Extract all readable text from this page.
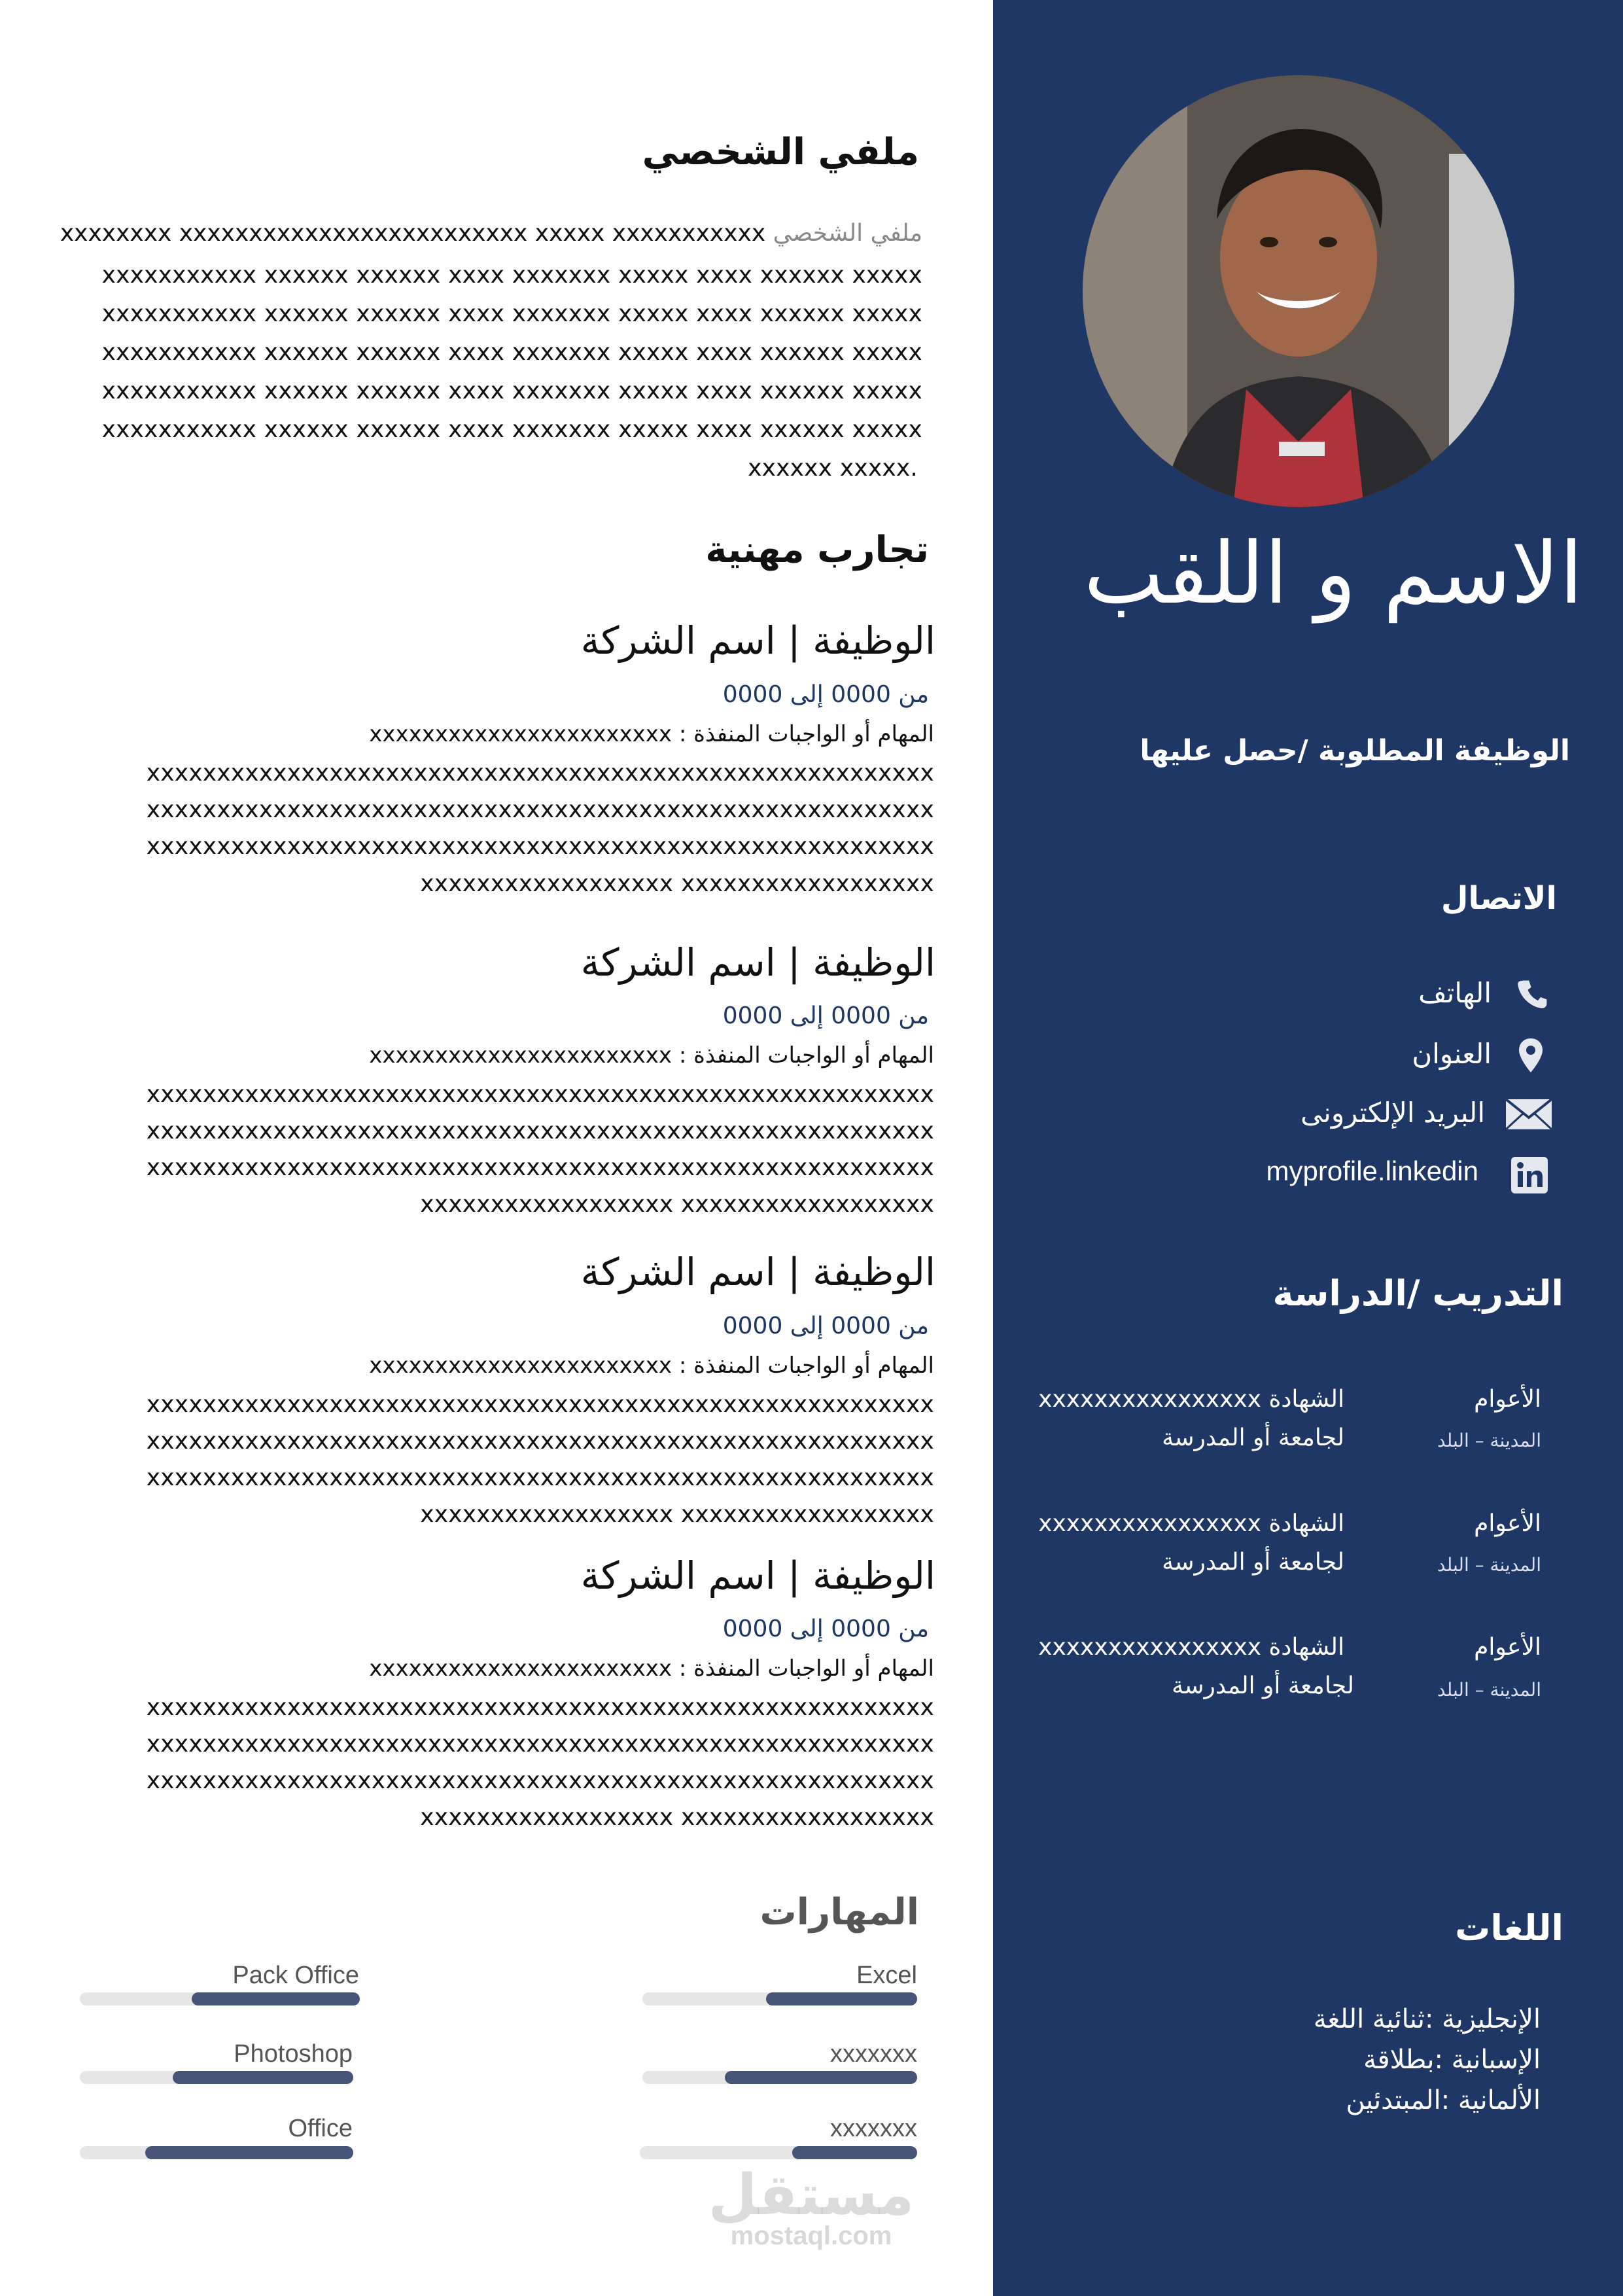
الاسم و اللقب
الوظيفة المطلوبة /حصل عليها
الاتصال
الهاتف
العنوان
البريد الإلكترونى
myprofile.linkedin
التدريب /الدراسة
الأعوام
المدينة – البلد
الشهادة xxxxxxxxxxxxxxxx
لجامعة أو المدرسة
الأعوام
المدينة – البلد
الشهادة xxxxxxxxxxxxxxxx
لجامعة أو المدرسة
الأعوام
المدينة – البلد
الشهادة xxxxxxxxxxxxxxxx
لجامعة أو المدرسة
اللغات
الإنجليزية :ثنائية اللغة
الإسبانية :بطلاقة
الألمانية :المبتدئين
ملفي الشخصي
ملفي الشخصي xxxxxxxx xxxxxxxxxxxxxxxxxxxxxxxxx xxxxx xxxxxxxxxxx
xxxxxxxxxxx xxxxxx xxxxxx xxxx xxxxxxx xxxxx xxxx xxxxxx xxxxx
xxxxxxxxxxx xxxxxx xxxxxx xxxx xxxxxxx xxxxx xxxx xxxxxx xxxxx
xxxxxxxxxxx xxxxxx xxxxxx xxxx xxxxxxx xxxxx xxxx xxxxxx xxxxx
xxxxxxxxxxx xxxxxx xxxxxx xxxx xxxxxxx xxxxx xxxx xxxxxx xxxxx
xxxxxxxxxxx xxxxxx xxxxxx xxxx xxxxxxx xxxxx xxxx xxxxxx xxxxx
xxxxxx xxxxx.
تجارب مهنية
الوظيفة | اسم الشركة
من 0000 إلى 0000
المهام أو الواجبات المنفذة : xxxxxxxxxxxxxxxxxxxxxxx
xxxxxxxxxxxxxxxxxxxxxxxxxxxxxxxxxxxxxxxxxxxxxxxxxxxxxxxx
xxxxxxxxxxxxxxxxxxxxxxxxxxxxxxxxxxxxxxxxxxxxxxxxxxxxxxxx
xxxxxxxxxxxxxxxxxxxxxxxxxxxxxxxxxxxxxxxxxxxxxxxxxxxxxxxx
xxxxxxxxxxxxxxxxxx xxxxxxxxxxxxxxxxxx
الوظيفة | اسم الشركة
من 0000 إلى 0000
المهام أو الواجبات المنفذة : xxxxxxxxxxxxxxxxxxxxxxx
xxxxxxxxxxxxxxxxxxxxxxxxxxxxxxxxxxxxxxxxxxxxxxxxxxxxxxxx
xxxxxxxxxxxxxxxxxxxxxxxxxxxxxxxxxxxxxxxxxxxxxxxxxxxxxxxx
xxxxxxxxxxxxxxxxxxxxxxxxxxxxxxxxxxxxxxxxxxxxxxxxxxxxxxxx
xxxxxxxxxxxxxxxxxx xxxxxxxxxxxxxxxxxx
الوظيفة | اسم الشركة
من 0000 إلى 0000
المهام أو الواجبات المنفذة : xxxxxxxxxxxxxxxxxxxxxxx
xxxxxxxxxxxxxxxxxxxxxxxxxxxxxxxxxxxxxxxxxxxxxxxxxxxxxxxx
xxxxxxxxxxxxxxxxxxxxxxxxxxxxxxxxxxxxxxxxxxxxxxxxxxxxxxxx
xxxxxxxxxxxxxxxxxxxxxxxxxxxxxxxxxxxxxxxxxxxxxxxxxxxxxxxx
xxxxxxxxxxxxxxxxxx xxxxxxxxxxxxxxxxxx
الوظيفة | اسم الشركة
من 0000 إلى 0000
المهام أو الواجبات المنفذة : xxxxxxxxxxxxxxxxxxxxxxx
xxxxxxxxxxxxxxxxxxxxxxxxxxxxxxxxxxxxxxxxxxxxxxxxxxxxxxxx
xxxxxxxxxxxxxxxxxxxxxxxxxxxxxxxxxxxxxxxxxxxxxxxxxxxxxxxx
xxxxxxxxxxxxxxxxxxxxxxxxxxxxxxxxxxxxxxxxxxxxxxxxxxxxxxxx
xxxxxxxxxxxxxxxxxx xxxxxxxxxxxxxxxxxx
المهارات
Excel
Pack Office
xxxxxxx
Photoshop
xxxxxxx
Office
مستقل
mostaql.com
